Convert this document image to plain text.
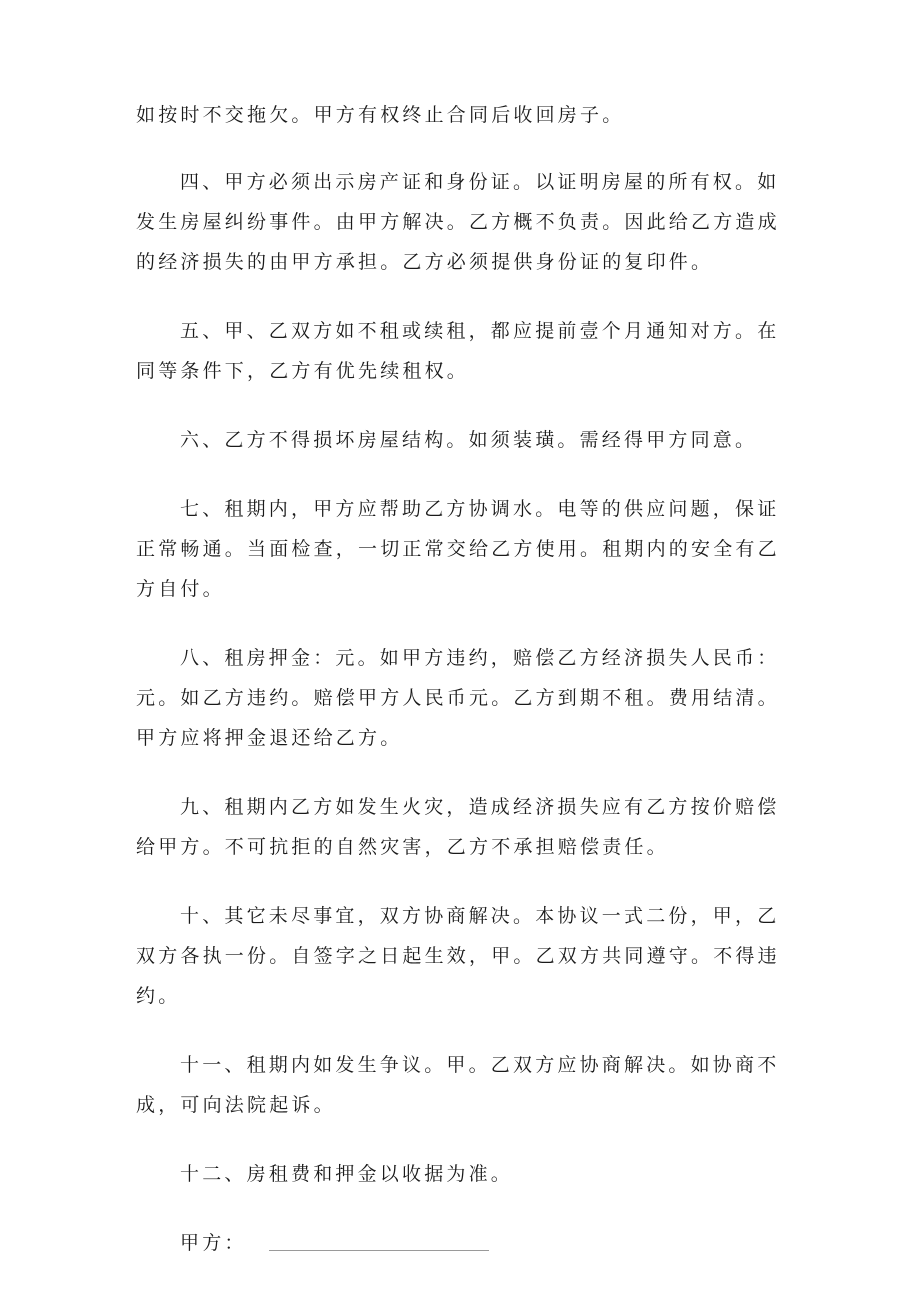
如按时不交拖欠。甲方有权终止合同后收回房子。

四、甲方必须出示房产证和身份证。以证明房屋的所有权。如发生房屋纠纷事件。由甲方解决。乙方概不负责。因此给乙方造成的经济损失的由甲方承担。乙方必须提供身份证的复印件。

五、甲、乙双方如不租或续租，都应提前壹个月通知对方。在同等条件下，乙方有优先续租权。

六、乙方不得损坏房屋结构。如须装璜。需经得甲方同意。

七、租期内，甲方应帮助乙方协调水。电等的供应问题，保证正常畅通。当面检查，一切正常交给乙方使用。租期内的安全有乙方自付。

八、租房押金：元。如甲方违约，赔偿乙方经济损失人民币：元。如乙方违约。赔偿甲方人民币元。乙方到期不租。费用结清。甲方应将押金退还给乙方。

九、租期内乙方如发生火灾，造成经济损失应有乙方按价赔偿给甲方。不可抗拒的自然灾害，乙方不承担赔偿责任。

十、其它未尽事宜，双方协商解决。本协议一式二份，甲，乙双方各执一份。自签字之日起生效，甲。乙双方共同遵守。不得违约。

十一、租期内如发生争议。甲。乙双方应协商解决。如协商不成，可向法院起诉。

十二、房租费和押金以收据为准。

甲方：
